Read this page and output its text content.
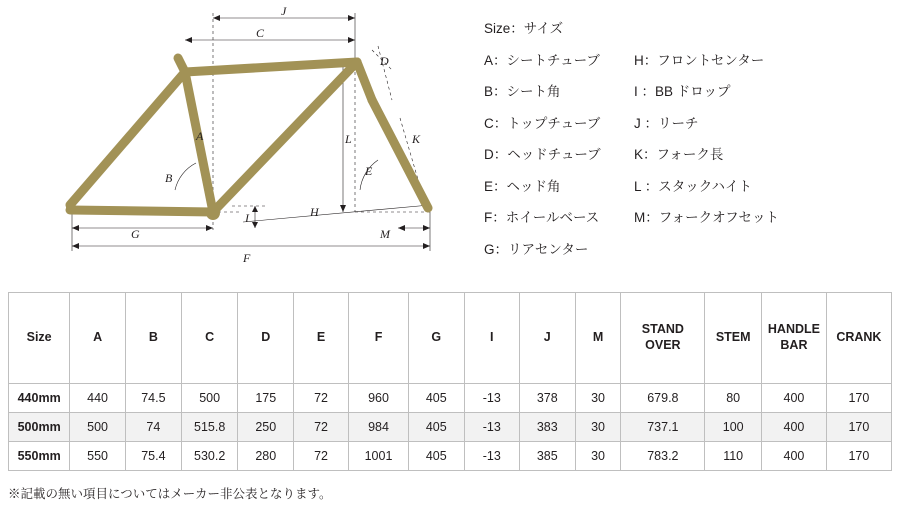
J
C
D
A	L	K
B	E
I	H
M
G
F
Size：サイズ
A：シートチューブ	H：フロントセンター
B：シート角	I ：BB ドロップ
C：トップチューブ	J ：リーチ
D：ヘッドチューブ	K：フォーク長
E：ヘッド角	L ：スタックハイト
F：ホイールベース	M：フォークオフセット
G：リアセンター
Size	A	B	C	D	E	F	G	I	J	M	STAND OVER	STEM	HANDLE BAR	CRANK
440mm	440	74.5	500	175	72	960	405	-13	378	30	679.8	80	400	170
500mm	500	74	515.8	250	72	984	405	-13	383	30	737.1	100	400	170
550mm	550	75.4	530.2	280	72	1001	405	-13	385	30	783.2	110	400	170
※記載の無い項目についてはメーカー非公表となります。
